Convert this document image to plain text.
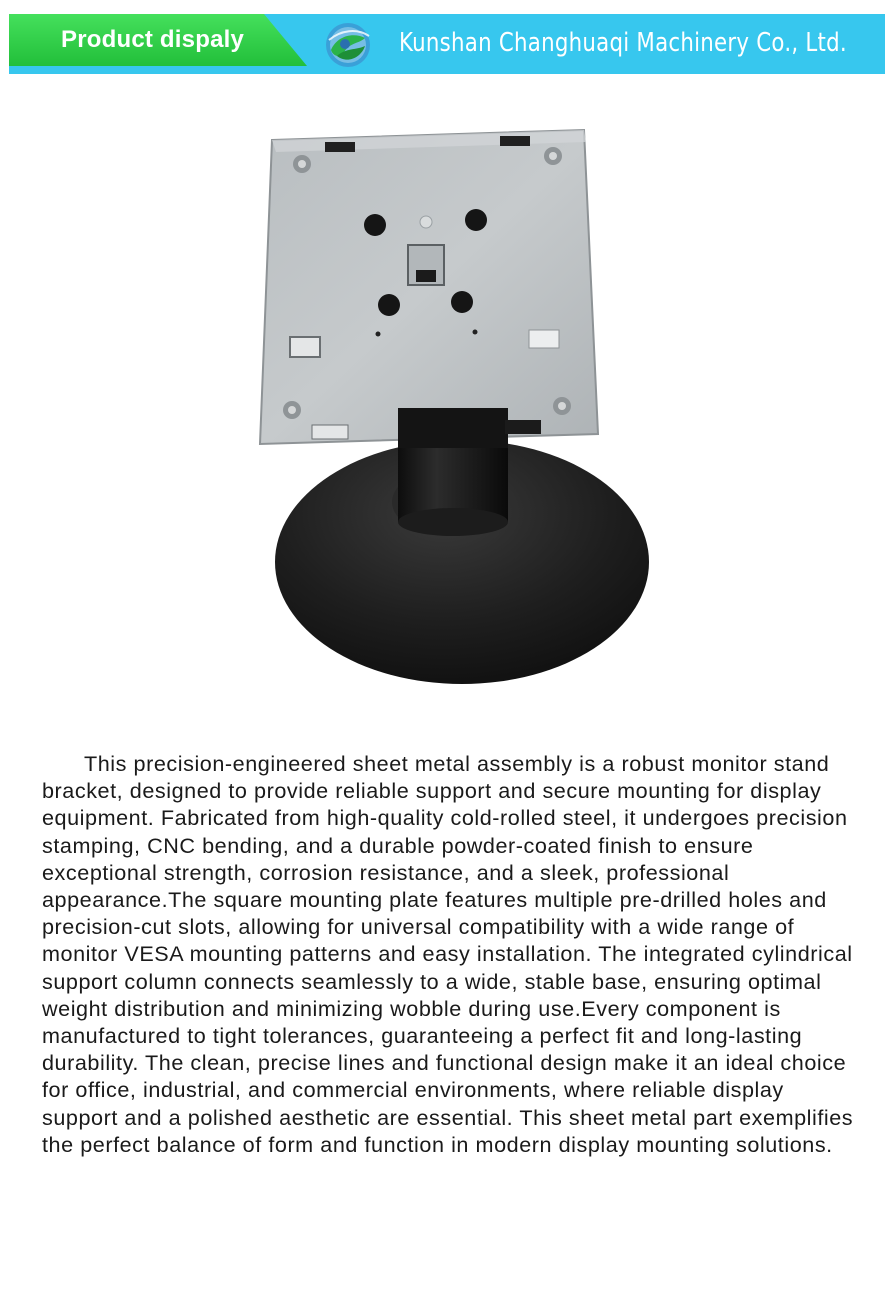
Product dispaly	Kunshan Changhuaqi Machinery Co., Ltd.

This precision-engineered sheet metal assembly is a robust monitor stand bracket, designed to provide reliable support and secure mounting for display equipment. Fabricated from high-quality cold-rolled steel, it undergoes precision stamping, CNC bending, and a durable powder-coated finish to ensure exceptional strength, corrosion resistance, and a sleek, professional appearance.The square mounting plate features multiple pre-drilled holes and precision-cut slots, allowing for universal compatibility with a wide range of monitor VESA mounting patterns and easy installation. The integrated cylindrical support column connects seamlessly to a wide, stable base, ensuring optimal weight distribution and minimizing wobble during use.Every component is manufactured to tight tolerances, guaranteeing a perfect fit and long-lasting durability. The clean, precise lines and functional design make it an ideal choice for office, industrial, and commercial environments, where reliable display support and a polished aesthetic are essential. This sheet metal part exemplifies the perfect balance of form and function in modern display mounting solutions.
